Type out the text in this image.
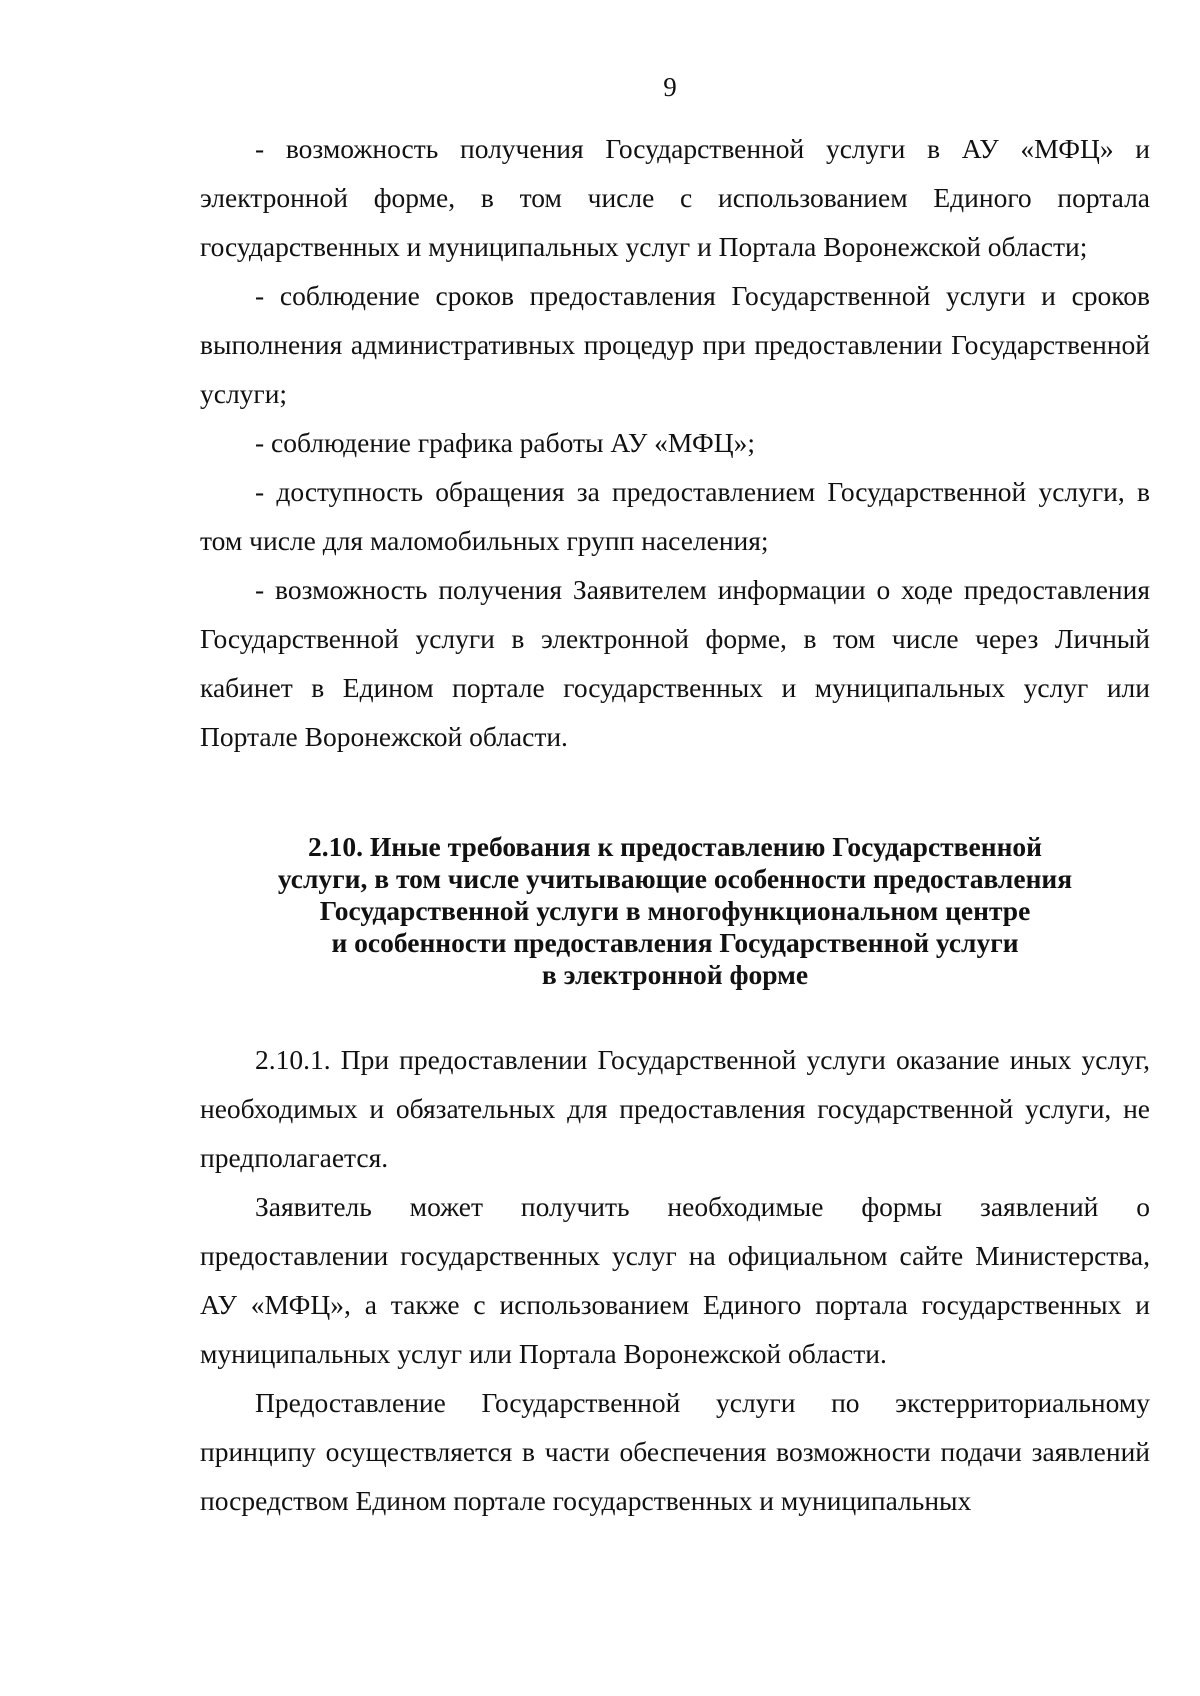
9

- возможность получения Государственной услуги в АУ «МФЦ» и электронной форме, в том числе с использованием Единого портала государственных и муниципальных услуг и Портала Воронежской области;

- соблюдение сроков предоставления Государственной услуги и сроков выполнения административных процедур при предоставлении Государственной услуги;

- соблюдение графика работы АУ «МФЦ»;

- доступность обращения за предоставлением Государственной услуги, в том числе для маломобильных групп населения;

- возможность получения Заявителем информации о ходе предоставления Государственной услуги в электронной форме, в том числе через Личный кабинет в Едином портале государственных и муниципальных услуг или Портале Воронежской области.

2.10. Иные требования к предоставлению Государственной
услуги, в том числе учитывающие особенности предоставления
Государственной услуги в многофункциональном центре
и особенности предоставления Государственной услуги
в электронной форме

2.10.1. При предоставлении Государственной услуги оказание иных услуг, необходимых и обязательных для предоставления государственной услуги, не предполагается.

Заявитель может получить необходимые формы заявлений о предоставлении государственных услуг на официальном сайте Министерства, АУ «МФЦ», а также с использованием Единого портала государственных и муниципальных услуг или Портала Воронежской области.

Предоставление Государственной услуги по экстерриториальному принципу осуществляется в части обеспечения возможности подачи заявлений посредством Едином портале государственных и муниципальных
